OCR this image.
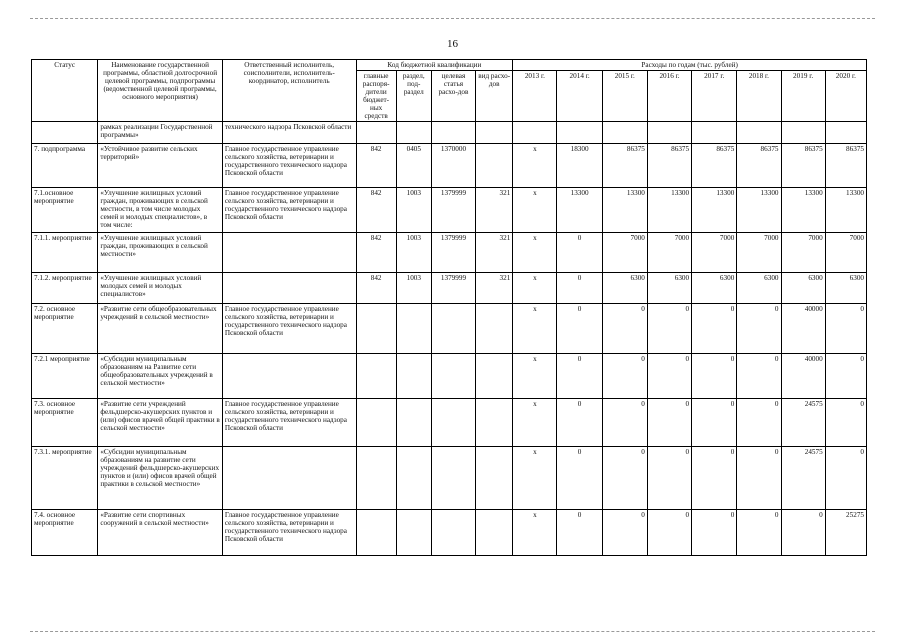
16
Статус	Наименование государственной программы, областной долгосрочной целевой программы, подпрограммы (ведомственной целевой программы, основного мероприятия)	Ответственный исполнитель, соисполнители, исполнитель-координатор, исполнитель	Код бюджетной квалификации				Расходы по годам (тыс. рублей)							
			главные распоря-дители бюджет-ных средств	раздел, под-раздел	целевая статья расхо-дов	вид расхо-дов	2013 г.	2014 г.	2015 г.	2016 г.	2017 г.	2018 г.	2019 г.	2020 г.
	рамках реализации Государственной программы»	технического надзора Псковской области												
7. подпрограмма	«Устойчивое развитие сельских территорий»	Главное государственное управление сельского хозяйства, ветеринарии и государственного технического надзора Псковской области	842	0405	1370000		x	18300	86375	86375	86375	86375	86375	86375
7.1.основное мероприятие	«Улучшение жилищных условий граждан, проживающих в сельской местности, в том числе молодых семей и молодых специалистов», в том числе:	Главное государственное управление сельского хозяйства, ветеринарии и государственного технического надзора Псковской области	842	1003	1379999	321	x	13300	13300	13300	13300	13300	13300	13300
7.1.1. мероприятие	«Улучшение жилищных условий граждан, проживающих в сельской местности»		842	1003	1379999	321	x	0	7000	7000	7000	7000	7000	7000
7.1.2. мероприятие	«Улучшение жилищных условий молодых семей и молодых специалистов»		842	1003	1379999	321	x	0	6300	6300	6300	6300	6300	6300
7.2. основное мероприятие	«Развитие сети общеобразовательных учреждений в сельской местности»	Главное государственное управление сельского хозяйства, ветеринарии и государственного технического надзора Псковской области					x	0	0	0	0	0	40000	0
7.2.1 мероприятие	«Субсидии муниципальным образованиям на Развитие сети общеобразовательных учреждений в сельской местности»						x	0	0	0	0	0	40000	0
7.3. основное мероприятие	«Развитие сети учреждений фельдшерско-акушерских пунктов и (или) офисов врачей общей практики в сельской местности»	Главное государственное управление сельского хозяйства, ветеринарии и государственного технического надзора Псковской области					x	0	0	0	0	0	24575	0
7.3.1. мероприятие	«Субсидии муниципальным образованиям на развитие сети учреждений фельдшерско-акушерских пунктов и (или) офисов врачей общей практики в сельской местности»						x	0	0	0	0	0	24575	0
7.4. основное мероприятие	«Развитие сети спортивных сооружений в сельской местности»	Главное государственное управление сельского хозяйства, ветеринарии и государственного технического надзора Псковской области					x	0	0	0	0	0	0	25275
